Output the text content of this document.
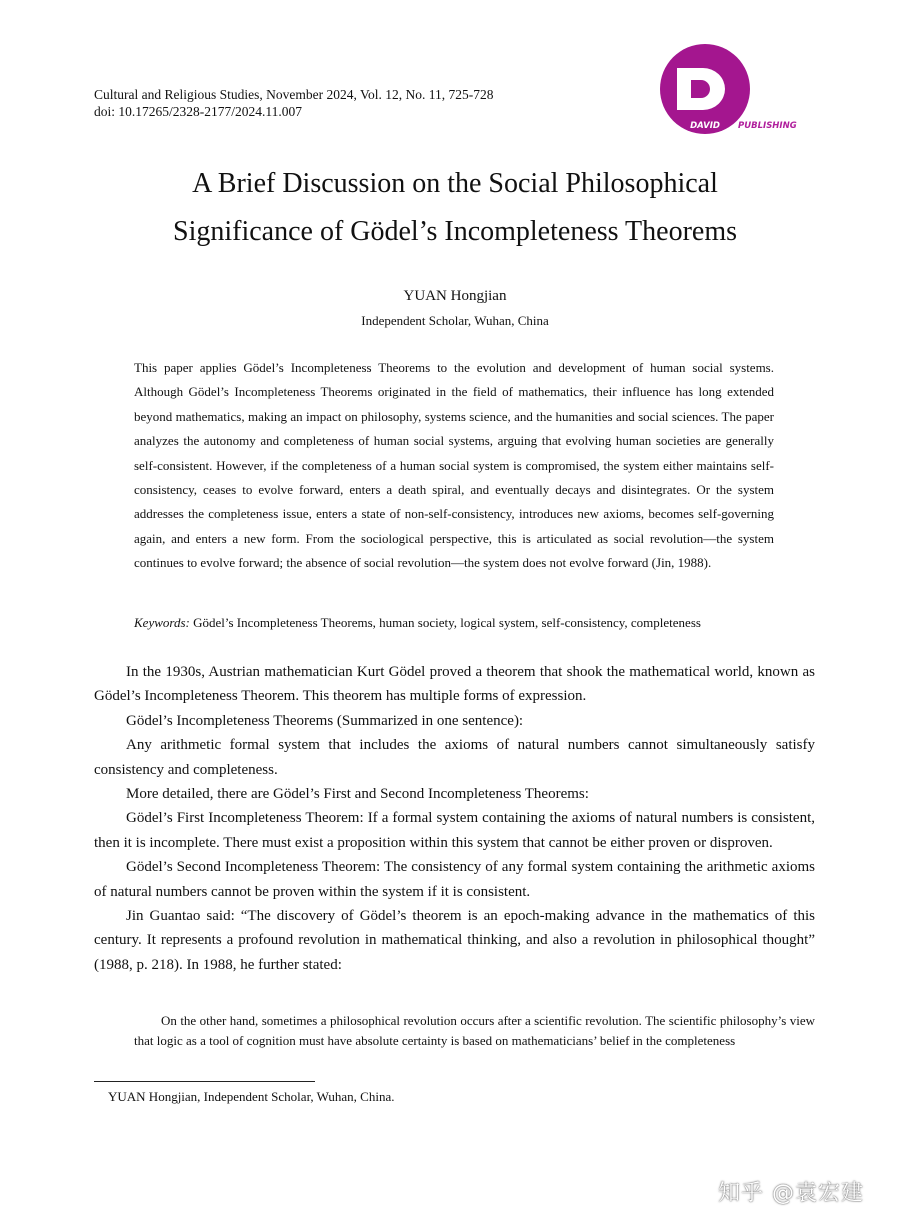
Cultural and Religious Studies, November 2024, Vol. 12, No. 11, 725-728
doi: 10.17265/2328-2177/2024.11.007
DAVID PUBLISHING
A Brief Discussion on the Social Philosophical
Significance of Gödel’s Incompleteness Theorems
YUAN Hongjian
Independent Scholar, Wuhan, China
This paper applies Gödel’s Incompleteness Theorems to the evolution and development of human social systems. Although Gödel’s Incompleteness Theorems originated in the field of mathematics, their influence has long extended beyond mathematics, making an impact on philosophy, systems science, and the humanities and social sciences. The paper analyzes the autonomy and completeness of human social systems, arguing that evolving human societies are generally self-consistent. However, if the completeness of a human social system is compromised, the system either maintains self-consistency, ceases to evolve forward, enters a death spiral, and eventually decays and disintegrates. Or the system addresses the completeness issue, enters a state of non-self-consistency, introduces new axioms, becomes self-governing again, and enters a new form. From the sociological perspective, this is articulated as social revolution—the system continues to evolve forward; the absence of social revolution—the system does not evolve forward (Jin, 1988).
Keywords: Gödel’s Incompleteness Theorems, human society, logical system, self-consistency, completeness

In the 1930s, Austrian mathematician Kurt Gödel proved a theorem that shook the mathematical world, known as Gödel’s Incompleteness Theorem. This theorem has multiple forms of expression.

Gödel’s Incompleteness Theorems (Summarized in one sentence):

Any arithmetic formal system that includes the axioms of natural numbers cannot simultaneously satisfy consistency and completeness.

More detailed, there are Gödel’s First and Second Incompleteness Theorems:

Gödel’s First Incompleteness Theorem: If a formal system containing the axioms of natural numbers is consistent, then it is incomplete. There must exist a proposition within this system that cannot be either proven or disproven.

Gödel’s Second Incompleteness Theorem: The consistency of any formal system containing the arithmetic axioms of natural numbers cannot be proven within the system if it is consistent.

Jin Guantao said: “The discovery of Gödel’s theorem is an epoch-making advance in the mathematics of this century. It represents a profound revolution in mathematical thinking, and also a revolution in philosophical thought” (1988, p. 218). In 1988, he further stated:

On the other hand, sometimes a philosophical revolution occurs after a scientific revolution. The scientific philosophy’s view that logic as a tool of cognition must have absolute certainty is based on mathematicians’ belief in the completeness

YUAN Hongjian, Independent Scholar, Wuhan, China.
知乎 @袁宏建
